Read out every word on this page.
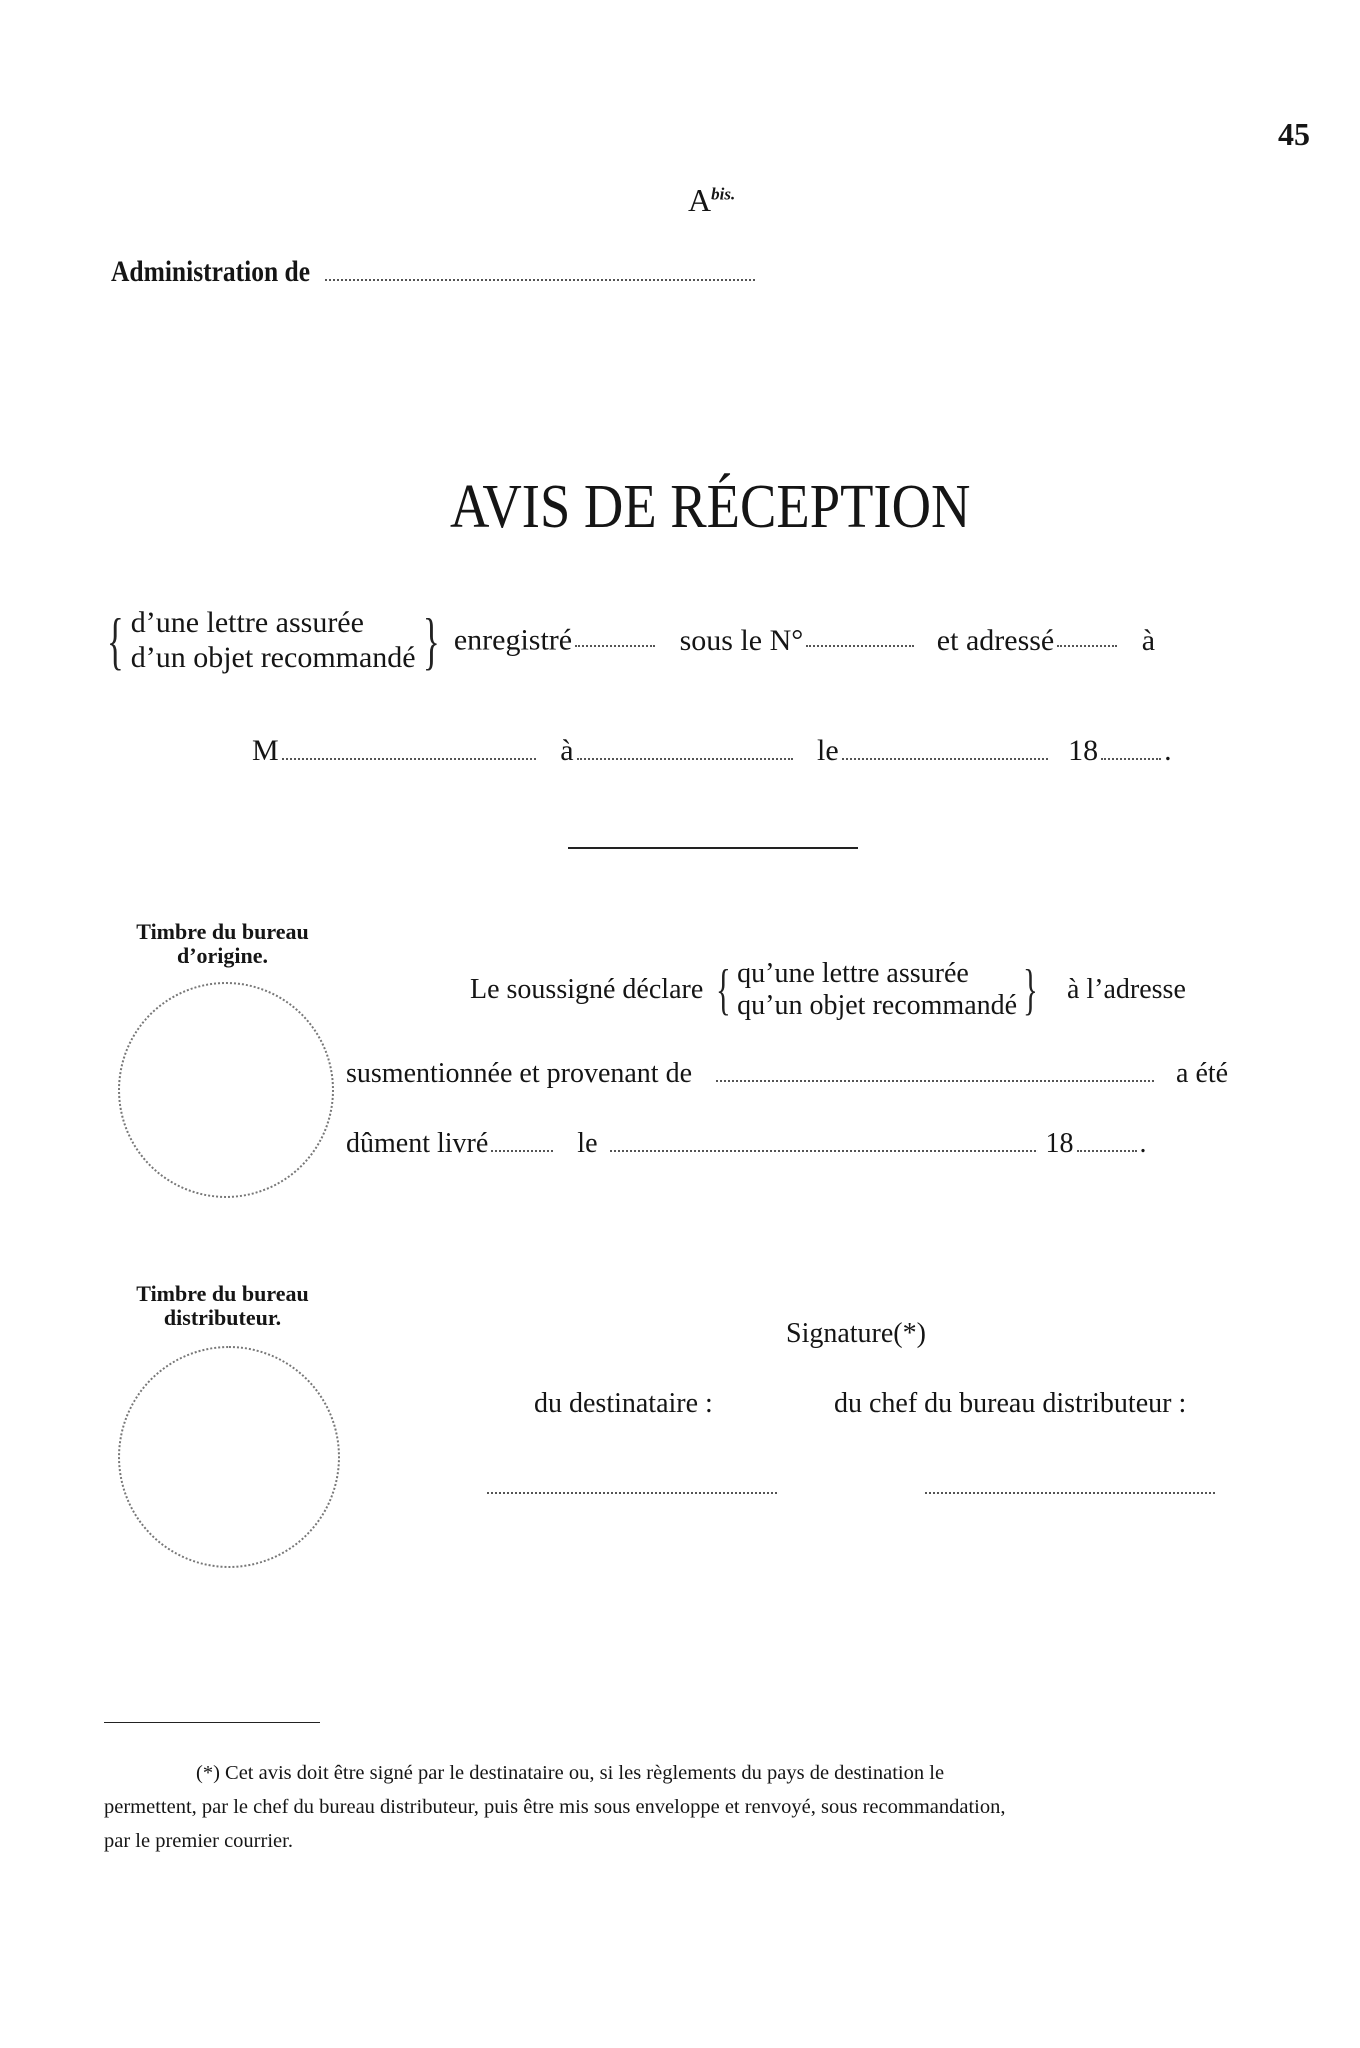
45
$A^{bis.}$
Administration de
AVIS DE RÉCEPTION
{ d’une lettre assurée
d’un objet recommandé } enregistré	sous le N°	et adressé	à
M	à	le	18 .
Timbre du bureau
d’origine.
Le soussigné déclare { qu’une lettre assurée
qu’un objet recommandé } à l’adresse
susmentionnée et provenant de	a été
dûment livré	le	18 .
Timbre du bureau
distributeur.
Signature(*)
du destinataire :	du chef du bureau distributeur :
(*) Cet avis doit être signé par le destinataire ou, si les règlements du pays de destination le
permettent, par le chef du bureau distributeur, puis être mis sous enveloppe et renvoyé, sous recommandation,
par le premier courrier.
